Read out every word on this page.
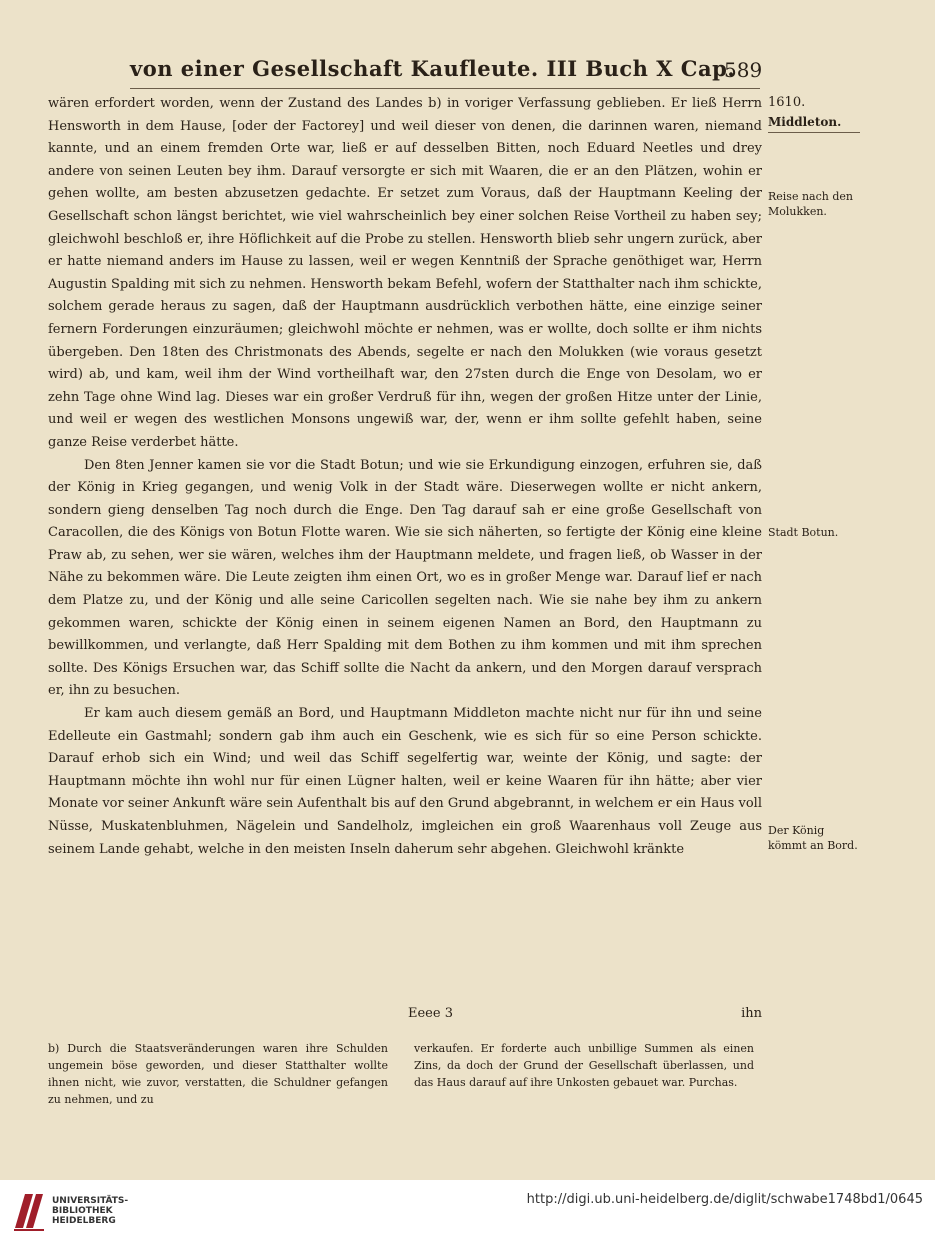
von einer Gesellschaft Kaufleute. III Buch X Cap.
589

wären erfordert worden, wenn der Zustand des Landes b) in voriger Verfassung geblieben. Er ließ Herrn Hensworth in dem Hause, [oder der Factorey] und weil dieser von denen, die darinnen waren, niemand kannte, und an einem fremden Orte war, ließ er auf desselben Bitten, noch Eduard Neetles und drey andere von seinen Leuten bey ihm. Darauf versorgte er sich mit Waaren, die er an den Plätzen, wohin er gehen wollte, am besten abzusetzen gedachte. Er setzet zum Voraus, daß der Hauptmann Keeling der Gesellschaft schon längst berichtet, wie viel wahrscheinlich bey einer solchen Reise Vortheil zu haben sey; gleichwohl beschloß er, ihre Höflichkeit auf die Probe zu stellen. Hensworth blieb sehr ungern zurück, aber er hatte niemand anders im Hause zu lassen, weil er wegen Kenntniß der Sprache genöthiget war, Herrn Augustin Spalding mit sich zu nehmen. Hensworth bekam Befehl, wofern der Statthalter nach ihm schickte, solchem gerade heraus zu sagen, daß der Hauptmann ausdrücklich verbothen hätte, eine einzige seiner fernern Forderungen einzuräumen; gleichwohl möchte er nehmen, was er wollte, doch sollte er ihm nichts übergeben. Den 18ten des Christmonats des Abends, segelte er nach den Molukken (wie voraus gesetzt wird) ab, und kam, weil ihm der Wind vortheilhaft war, den 27sten durch die Enge von Desolam, wo er zehn Tage ohne Wind lag. Dieses war ein großer Verdruß für ihn, wegen der großen Hitze unter der Linie, und weil er wegen des westlichen Monsons ungewiß war, der, wenn er ihm sollte gefehlt haben, seine ganze Reise verderbet hätte.

Den 8ten Jenner kamen sie vor die Stadt Botun; und wie sie Erkundigung einzogen, erfuhren sie, daß der König in Krieg gegangen, und wenig Volk in der Stadt wäre. Dieserwegen wollte er nicht ankern, sondern gieng denselben Tag noch durch die Enge. Den Tag darauf sah er eine große Gesellschaft von Caracollen, die des Königs von Botun Flotte waren. Wie sie sich näherten, so fertigte der König eine kleine Praw ab, zu sehen, wer sie wären, welches ihm der Hauptmann meldete, und fragen ließ, ob Wasser in der Nähe zu bekommen wäre. Die Leute zeigten ihm einen Ort, wo es in großer Menge war. Darauf lief er nach dem Platze zu, und der König und alle seine Caricollen segelten nach. Wie sie nahe bey ihm zu ankern gekommen waren, schickte der König einen in seinem eigenen Namen an Bord, den Hauptmann zu bewillkommen, und verlangte, daß Herr Spalding mit dem Bothen zu ihm kommen und mit ihm sprechen sollte. Des Königs Ersuchen war, das Schiff sollte die Nacht da ankern, und den Morgen darauf versprach er, ihn zu besuchen.

Er kam auch diesem gemäß an Bord, und Hauptmann Middleton machte nicht nur für ihn und seine Edelleute ein Gastmahl; sondern gab ihm auch ein Geschenk, wie es sich für so eine Person schickte. Darauf erhob sich ein Wind; und weil das Schiff segelfertig war, weinte der König, und sagte: der Hauptmann möchte ihn wohl nur für einen Lügner halten, weil er keine Waaren für ihn hätte; aber vier Monate vor seiner Ankunft wäre sein Aufenthalt bis auf den Grund abgebrannt, in welchem er ein Haus voll Nüsse, Muskatenbluhmen, Nägelein und Sandelholz, imgleichen ein groß Waarenhaus voll Zeuge aus seinem Lande gehabt, welche in den meisten Inseln daherum sehr abgehen. Gleichwohl kränkte

1610.
Middleton.
Reise nach den Molukken.
Stadt Botun.
Der König kömmt an Bord.
Eeee 3	ihn
b) Durch die Staatsveränderungen waren ihre Schulden ungemein böse geworden, und dieser Statthalter wollte ihnen nicht, wie zuvor, verstatten, die Schuldner gefangen zu nehmen, und zu
verkaufen. Er forderte auch unbillige Summen als einen Zins, da doch der Grund der Gesellschaft überlassen, und das Haus darauf auf ihre Unkosten gebauet war. Purchas.
UNIVERSITÄTS-
BIBLIOTHEK
HEIDELBERG
http://digi.ub.uni-heidelberg.de/diglit/schwabe1748bd1/0645
